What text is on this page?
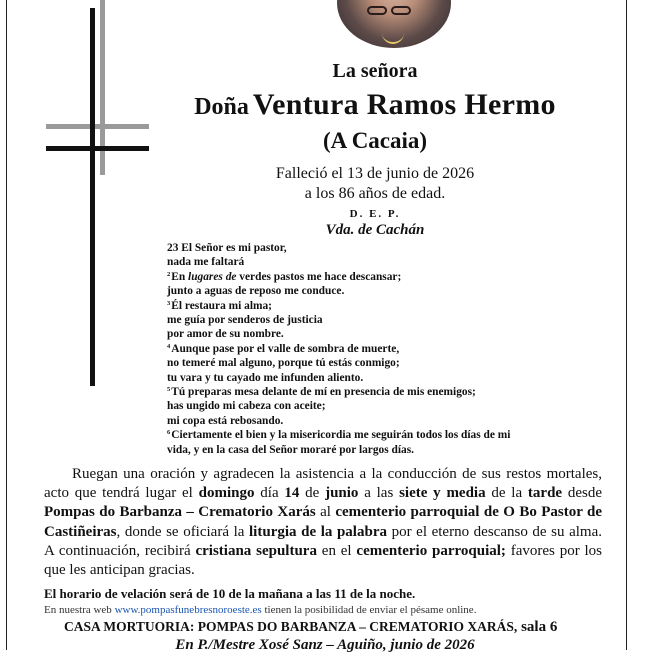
La señora
Doña Ventura Ramos Hermo
(A Cacaia)
Falleció el 13 de junio de 2026
a los 86 años de edad.
D. E. P.
Vda. de Cachán
23 El Señor es mi pastor,
nada me faltará
$^2$En lugares de verdes pastos me hace descansar;
junto a aguas de reposo me conduce.
$^3$Él restaura mi alma;
me guía por senderos de justicia
por amor de su nombre.
$^4$Aunque pase por el valle de sombra de muerte,
no temeré mal alguno, porque tú estás conmigo;
tu vara y tu cayado me infunden aliento.
$^5$Tú preparas mesa delante de mí en presencia de mis enemigos;
has ungido mi cabeza con aceite;
mi copa está rebosando.
$^6$Ciertamente el bien y la misericordia me seguirán todos los días de mi
vida, y en la casa del Señor moraré por largos días.
Ruegan una oración y agradecen la asistencia a la conducción de sus restos mortales, acto que tendrá lugar el domingo día 14 de junio a las siete y media de la tarde desde Pompas do Barbanza – Crematorio Xarás al cementerio parroquial de O Bo Pastor de Castiñeiras, donde se oficiará la liturgia de la palabra por el eterno descanso de su alma. A continuación, recibirá cristiana sepultura en el cementerio parroquial; favores por los que les anticipan gracias.
El horario de velación será de 10 de la mañana a las 11 de la noche.
En nuestra web www.pompasfunebresnoroeste.es tienen la posibilidad de enviar el pésame online.
CASA MORTUORIA: POMPAS DO BARBANZA – CREMATORIO XARÁS, sala 6
En P./Mestre Xosé Sanz – Aguiño, junio de 2026
